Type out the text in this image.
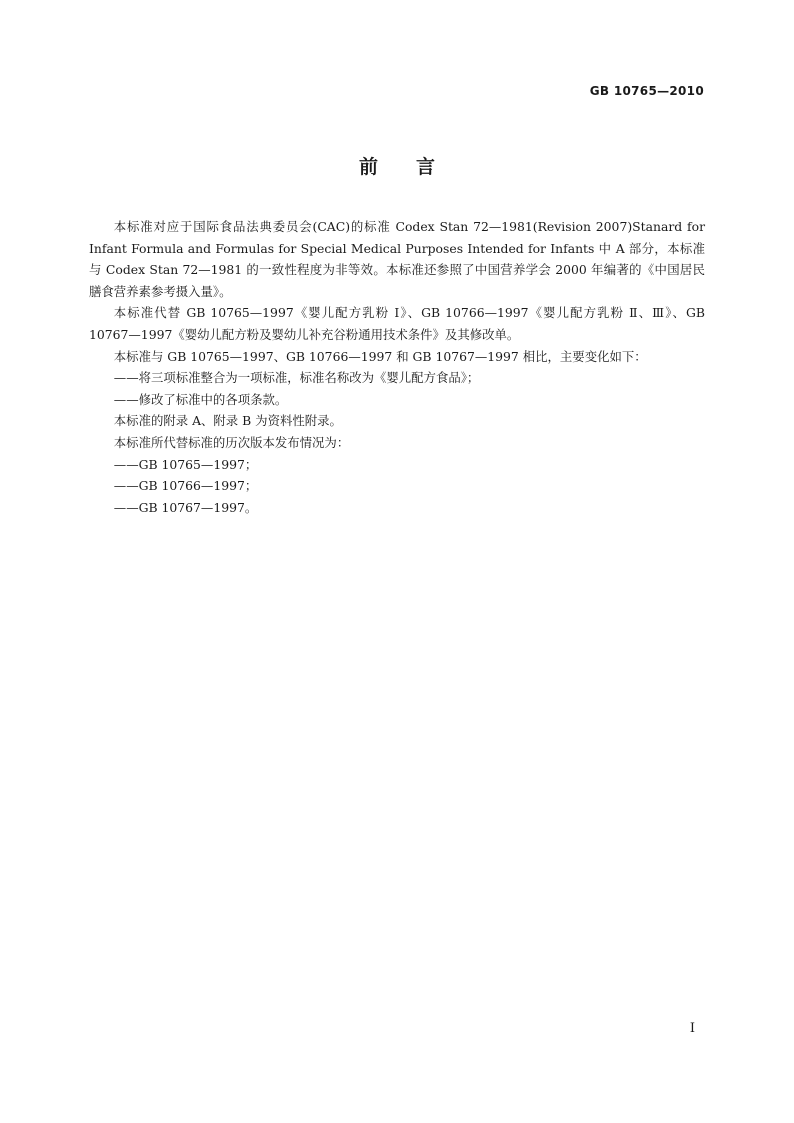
GB 10765—2010
前 言

本标准对应于国际食品法典委员会(CAC)的标准 Codex Stan 72—1981(Revision 2007)Stanard for Infant Formula and Formulas for Special Medical Purposes Intended for Infants 中 A 部分，本标准与 Codex Stan 72—1981 的一致性程度为非等效。本标准还参照了中国营养学会 2000 年编著的《中国居民膳食营养素参考摄入量》。

本标准代替 GB 10765—1997《婴儿配方乳粉 Ⅰ》、GB 10766—1997《婴儿配方乳粉 Ⅱ、Ⅲ》、GB 10767—1997《婴幼儿配方粉及婴幼儿补充谷粉通用技术条件》及其修改单。

本标准与 GB 10765—1997、GB 10766—1997 和 GB 10767—1997 相比，主要变化如下：

——将三项标准整合为一项标准，标准名称改为《婴儿配方食品》；

——修改了标准中的各项条款。

本标准的附录 A、附录 B 为资料性附录。

本标准所代替标准的历次版本发布情况为：

——GB 10765—1997；

——GB 10766—1997；

——GB 10767—1997。

I
